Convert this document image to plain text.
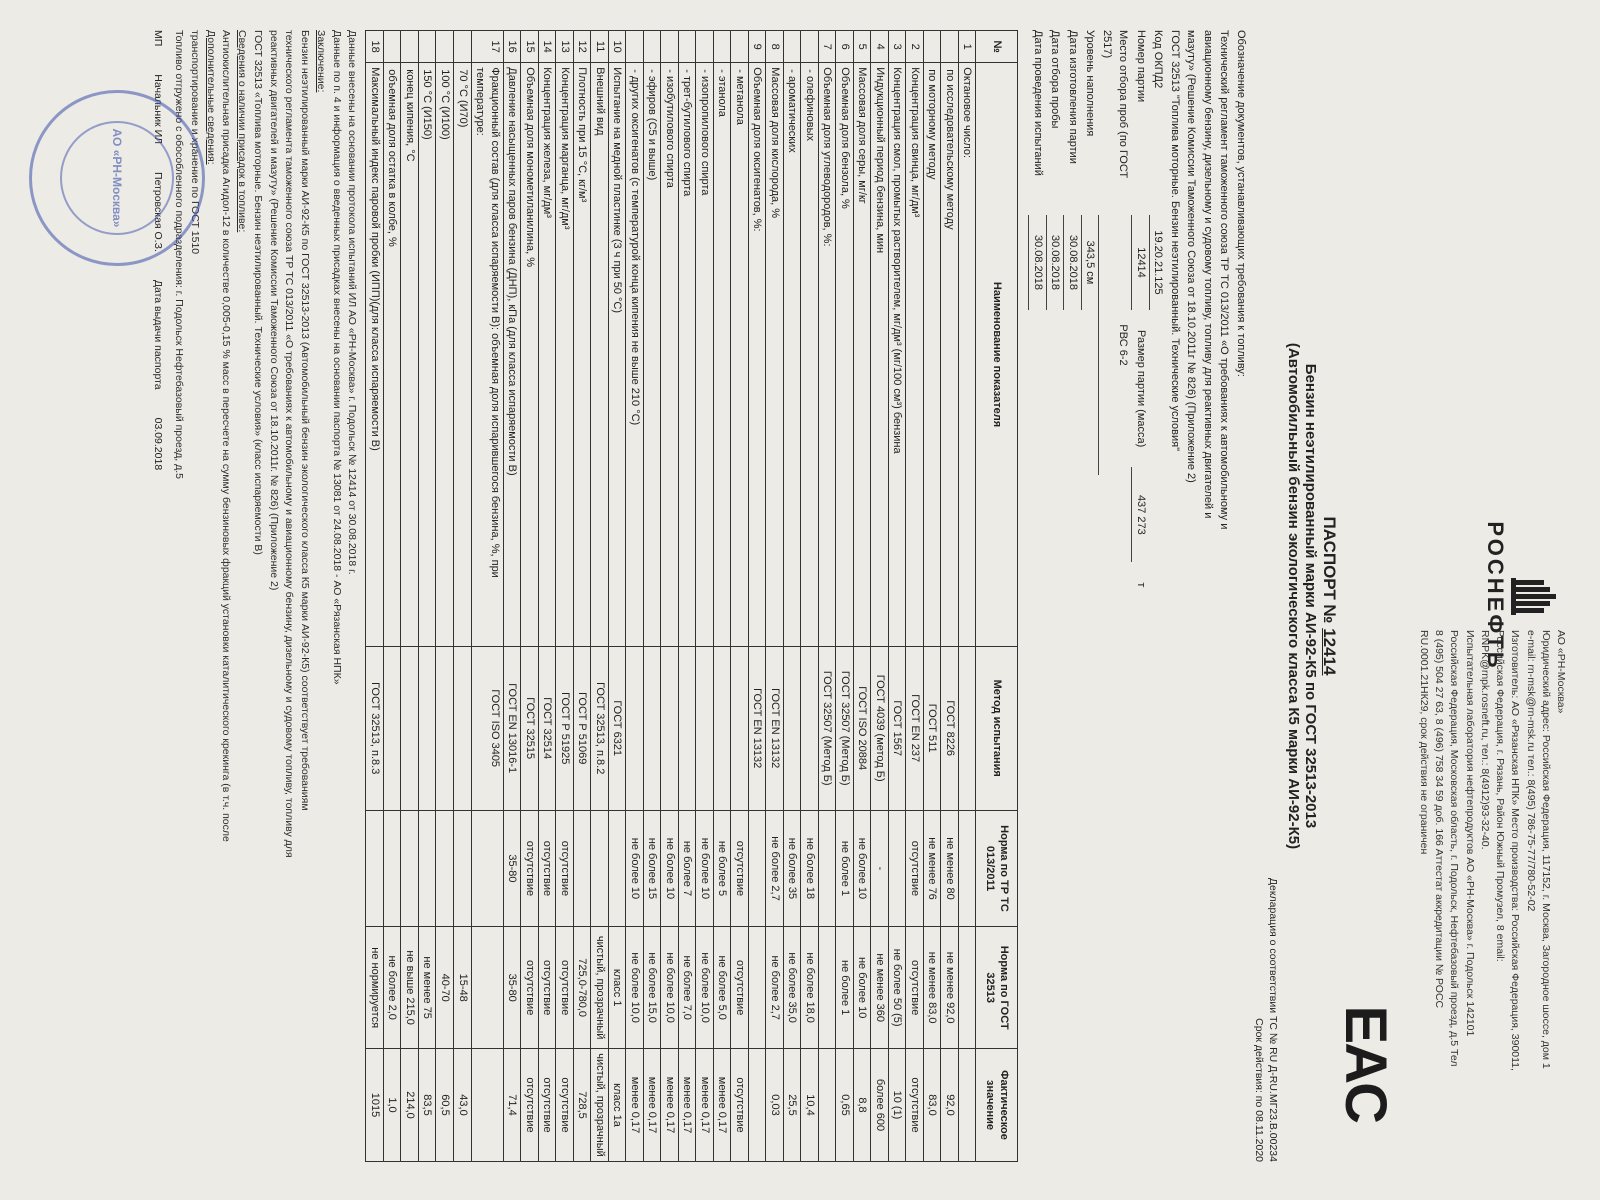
РОСНЕФТЬ
АО «РН-Москва»
Юридический адрес: Российская Федерация, 117152, г. Москва, Загородное шоссе, дом 1
e-mail: rn-msk@rn-msk.ru тел.: 8(495) 786-75-77/780-52-02
Изготовитель: АО «Рязанская НПК» Место производства: Российская Федерация, 390011,
Российская Федерация, г. Рязань, Район Южный Промузел, 8 email:
RNPK@rnpk.rosneft.ru, тел.: 8(4912)93-32-40.
Испытательная лаборатория нефтепродуктов АО «РН-Москва» г. Подольск 142101
Российская Федерация, Московская область, г. Подольск, Нефтебазовый проезд, д.5 Тел
8 (495) 504 27 63, 8 (496) 758 34 59 доб. 166 Аттестат аккредитации № РОСС
RU.0001.21НК29, срок действия не ограничен
EAC
ПАСПОРТ № 12414
Бензин неэтилированный марки АИ-92-К5 по ГОСТ 32513-2013
(Автомобильный бензин экологического класса К5 марки АИ-92-К5)
Декларация о соответствии ТС № RU Д-RU.МГ23.В.00234
Срок действия: по 08.11.2020
Обозначение документов, устанавливающих требования к топливу:
Технический регламент таможенного союза ТР ТС 013/2011 «О требованиях к автомобильному и
авиационному бензину, дизельному и судовому топливу, топливу для реактивных двигателей и
мазуту» (Решение Комиссии Таможенного Союза от 18.10.2011г № 826) (Приложение 2)
ГОСТ 32513 "Топлива моторные. Бензин неэтилированный. Технические условия"
Код ОКПД2
19.20.21.125
Номер партии
12414
Размер партии (масса)
437 273
т
Место отбора проб (по ГОСТ 2517)
РВС 6-2
Уровень наполнения
343,5 см
Дата изготовления партии
30.08.2018
Дата отбора пробы
30.08.2018
Дата проведения испытаний
30.08.2018
№	Наименование показателя	Метод испытания	Норма по ТР ТС 013/2011	Норма по ГОСТ 32513	Фактическое значение
1	Октановое число:				
	по исследовательскому методу	ГОСТ 8226	не менее 80	не менее 92,0	92,0
	по моторному методу	ГОСТ 511	не менее 76	не менее 83,0	83,0
2	Концентрация свинца, мг/дм³	ГОСТ EN 237	отсутствие	отсутствие	отсутствие
3	Концентрация смол, промытых растворителем, мг/дм³ (мг/100 см³) бензина	ГОСТ 1567		не более 50 (5)	10 (1)
4	Индукционный период бензина, мин	ГОСТ 4039 (метод Б)	-	не менее 360	более 600
5	Массовая доля серы, мг/кг	ГОСТ ISO 20884	не более 10	не более 10	8,8
6	Объемная доля бензола, %	ГОСТ 32507 (Метод Б)	не более 1	не более 1	0,65
7	Объемная доля углеводородов, %:	ГОСТ 32507 (Метод Б)			
	- олефиновых		не более 18	не более 18,0	10,4
	- ароматических		не более 35	не более 35,0	25,5
8	Массовая доля кислорода, %	ГОСТ EN 13132	не более 2,7	не более 2,7	0,03
9	Объемная доля оксигенатов, %:	ГОСТ EN 13132			
	- метанола		отсутствие	отсутствие	отсутствие
	- этанола		не более 5	не более 5,0	менее 0,17
	- изопропилового спирта		не более 10	не более 10,0	менее 0,17
	- трет-бутилового спирта		не более 7	не более 7,0	менее 0,17
	- изобутилового спирта		не более 10	не более 10,0	менее 0,17
	- эфиров (С5 и выше)		не более 15	не более 15,0	менее 0,17
	- других оксигенатов (с температурой конца кипения не выше 210 °С)		не более 10	не более 10,0	менее 0,17
10	Испытание на медной пластинке (3 ч при 50 °С)	ГОСТ 6321		класс 1	класс 1а
11	Внешний вид	ГОСТ 32513, п.8.2		чистый, прозрачный	чистый, прозрачный
12	Плотность при 15 °С, кг/м³	ГОСТ Р 51069		725,0-780,0	728,5
13	Концентрация марганца, мг/дм³	ГОСТ Р 51925	отсутствие	отсутствие	отсутствие
14	Концентрация железа, мг/дм³	ГОСТ 32514	отсутствие	отсутствие	отсутствие
15	Объемная доля монометиланилина, %	ГОСТ 32515	отсутствие	отсутствие	отсутствие
16	Давление насыщенных паров бензина (ДНП), кПа (для класса испаряемости В)	ГОСТ EN 13016-1	35-80	35-80	71,4
17	Фракционный состав (для класса испаряемости В): объемная доля испарившегося бензина, %, при температуре:	ГОСТ ISO 3405			
	70 °С (И70)			15-48	43,0
	100 °С (И100)			40-70	60,5
	150 °С (И150)			не менее 75	83,5
	конец кипения, °С			не выше 215,0	214,0
	объемная доля остатка в колбе, %			не более 2,0	1,0
18	Максимальный индекс паровой пробки (ИПП)(для класса испаряемости В)	ГОСТ 32513, п.8.3		не нормируется	1015
Данные внесены на основании протокола испытаний ИЛ АО «РН-Москва» г. Подольск № 12414 от 30.08.2018 г.
Данные по п. 4 и информация о введенных присадках внесены на основании паспорта № 13081 от 24.08.2018 - АО «Рязанская НПК»
Заключение:
Бензин неэтилированный марки АИ-92-К5 по ГОСТ 32513-2013 (Автомобильный бензин экологического класса К5 марки АИ-92-К5) соответствует требованиям
технического регламента таможенного союза ТР ТС 013/2011 «О требованиях к автомобильному и авиационному бензину, дизельному и судовому топливу, топливу для
реактивных двигателей и мазуту» (Решение Комиссии Таможенного Союза от 18.10.2011г. № 826) (Приложение 2)
ГОСТ 32513 «Топлива моторные. Бензин неэтилированный. Технические условия» (класс испаряемости В)
Сведения о наличии присадок в топливе:
Антиокислительная присадка Агидол-12 в количестве 0,005-0,15 % масс в пересчете на сумму бензиновых фракций установки каталитического крекинга (в т.ч. после
Дополнительные сведения:
транспортирование и хранение по ГОСТ 1510
Топливо отгружено с обособленного подразделения: г. Подольск Нефтебазовый проезд, д.5
МП
Начальник ИЛ
Петровская О.З.
Дата выдачи паспорта
03.09.2018
АО «РН-Москва»
